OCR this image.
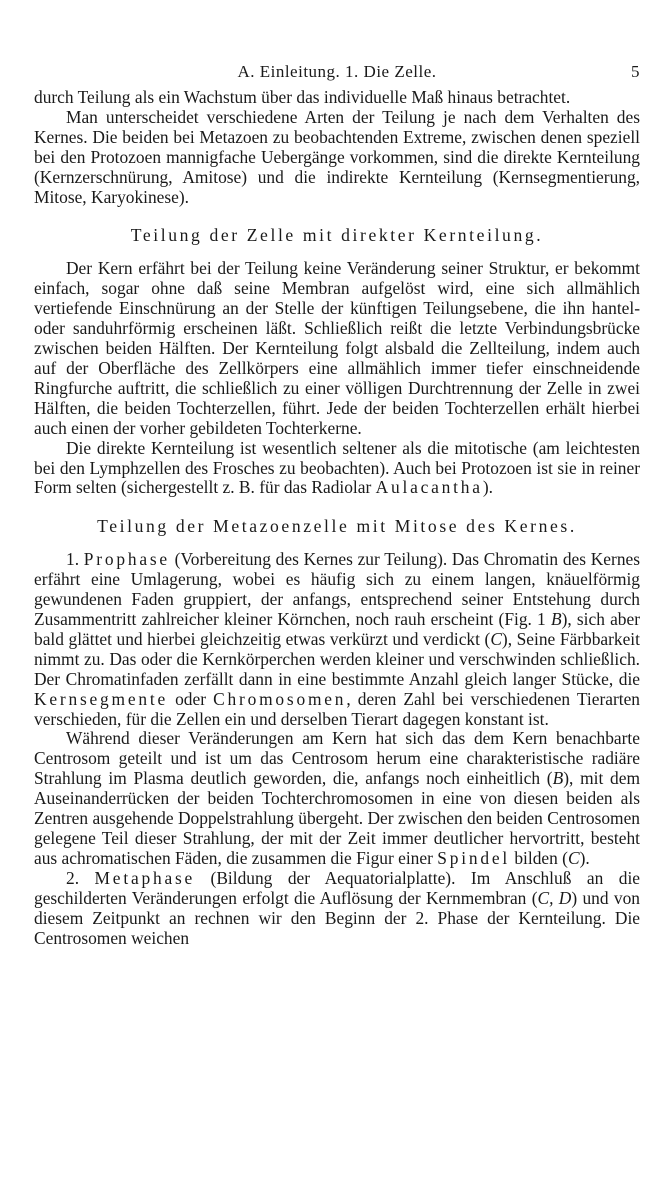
A. Einleitung. 1. Die Zelle.	5

durch Teilung als ein Wachstum über das individuelle Maß hinaus betrachtet.

Man unterscheidet verschiedene Arten der Teilung je nach dem Verhalten des Kernes. Die beiden bei Metazoen zu beobachtenden Extreme, zwischen denen speziell bei den Protozoen mannigfache Uebergänge vorkommen, sind die direkte Kernteilung (Kernzerschnürung, Amitose) und die indirekte Kernteilung (Kernsegmentierung, Mitose, Karyokinese).

Teilung der Zelle mit direkter Kernteilung.

Der Kern erfährt bei der Teilung keine Veränderung seiner Struktur, er bekommt einfach, sogar ohne daß seine Membran aufgelöst wird, eine sich allmählich vertiefende Einschnürung an der Stelle der künftigen Teilungsebene, die ihn hantel- oder sanduhrförmig erscheinen läßt. Schließlich reißt die letzte Verbindungsbrücke zwischen beiden Hälften. Der Kernteilung folgt alsbald die Zellteilung, indem auch auf der Oberfläche des Zellkörpers eine allmählich immer tiefer einschneidende Ringfurche auftritt, die schließlich zu einer völligen Durchtrennung der Zelle in zwei Hälften, die beiden Tochterzellen, führt. Jede der beiden Tochterzellen erhält hierbei auch einen der vorher gebildeten Tochterkerne.

Die direkte Kernteilung ist wesentlich seltener als die mitotische (am leichtesten bei den Lymphzellen des Frosches zu beobachten). Auch bei Protozoen ist sie in reiner Form selten (sichergestellt z. B. für das Radiolar Aulacantha).

Teilung der Metazoenzelle mit Mitose des Kernes.

1. Prophase (Vorbereitung des Kernes zur Teilung). Das Chromatin des Kernes erfährt eine Umlagerung, wobei es häufig sich zu einem langen, knäuelförmig gewundenen Faden gruppiert, der anfangs, entsprechend seiner Entstehung durch Zusammentritt zahlreicher kleiner Körnchen, noch rauh erscheint (Fig. 1 B), sich aber bald glättet und hierbei gleichzeitig etwas verkürzt und verdickt (C), Seine Färbbarkeit nimmt zu. Das oder die Kernkörperchen werden kleiner und verschwinden schließlich. Der Chromatinfaden zerfällt dann in eine bestimmte Anzahl gleich langer Stücke, die Kernsegmente oder Chromosomen, deren Zahl bei verschiedenen Tierarten verschieden, für die Zellen ein und derselben Tierart dagegen konstant ist.

Während dieser Veränderungen am Kern hat sich das dem Kern benachbarte Centrosom geteilt und ist um das Centrosom herum eine charakteristische radiäre Strahlung im Plasma deutlich geworden, die, anfangs noch einheitlich (B), mit dem Auseinanderrücken der beiden Tochterchromosomen in eine von diesen beiden als Zentren ausgehende Doppelstrahlung übergeht. Der zwischen den beiden Centrosomen gelegene Teil dieser Strahlung, der mit der Zeit immer deutlicher hervortritt, besteht aus achromatischen Fäden, die zusammen die Figur einer Spindel bilden (C).

2. Metaphase (Bildung der Aequatorialplatte). Im Anschluß an die geschilderten Veränderungen erfolgt die Auflösung der Kernmembran (C, D) und von diesem Zeitpunkt an rechnen wir den Beginn der 2. Phase der Kernteilung. Die Centrosomen weichen
